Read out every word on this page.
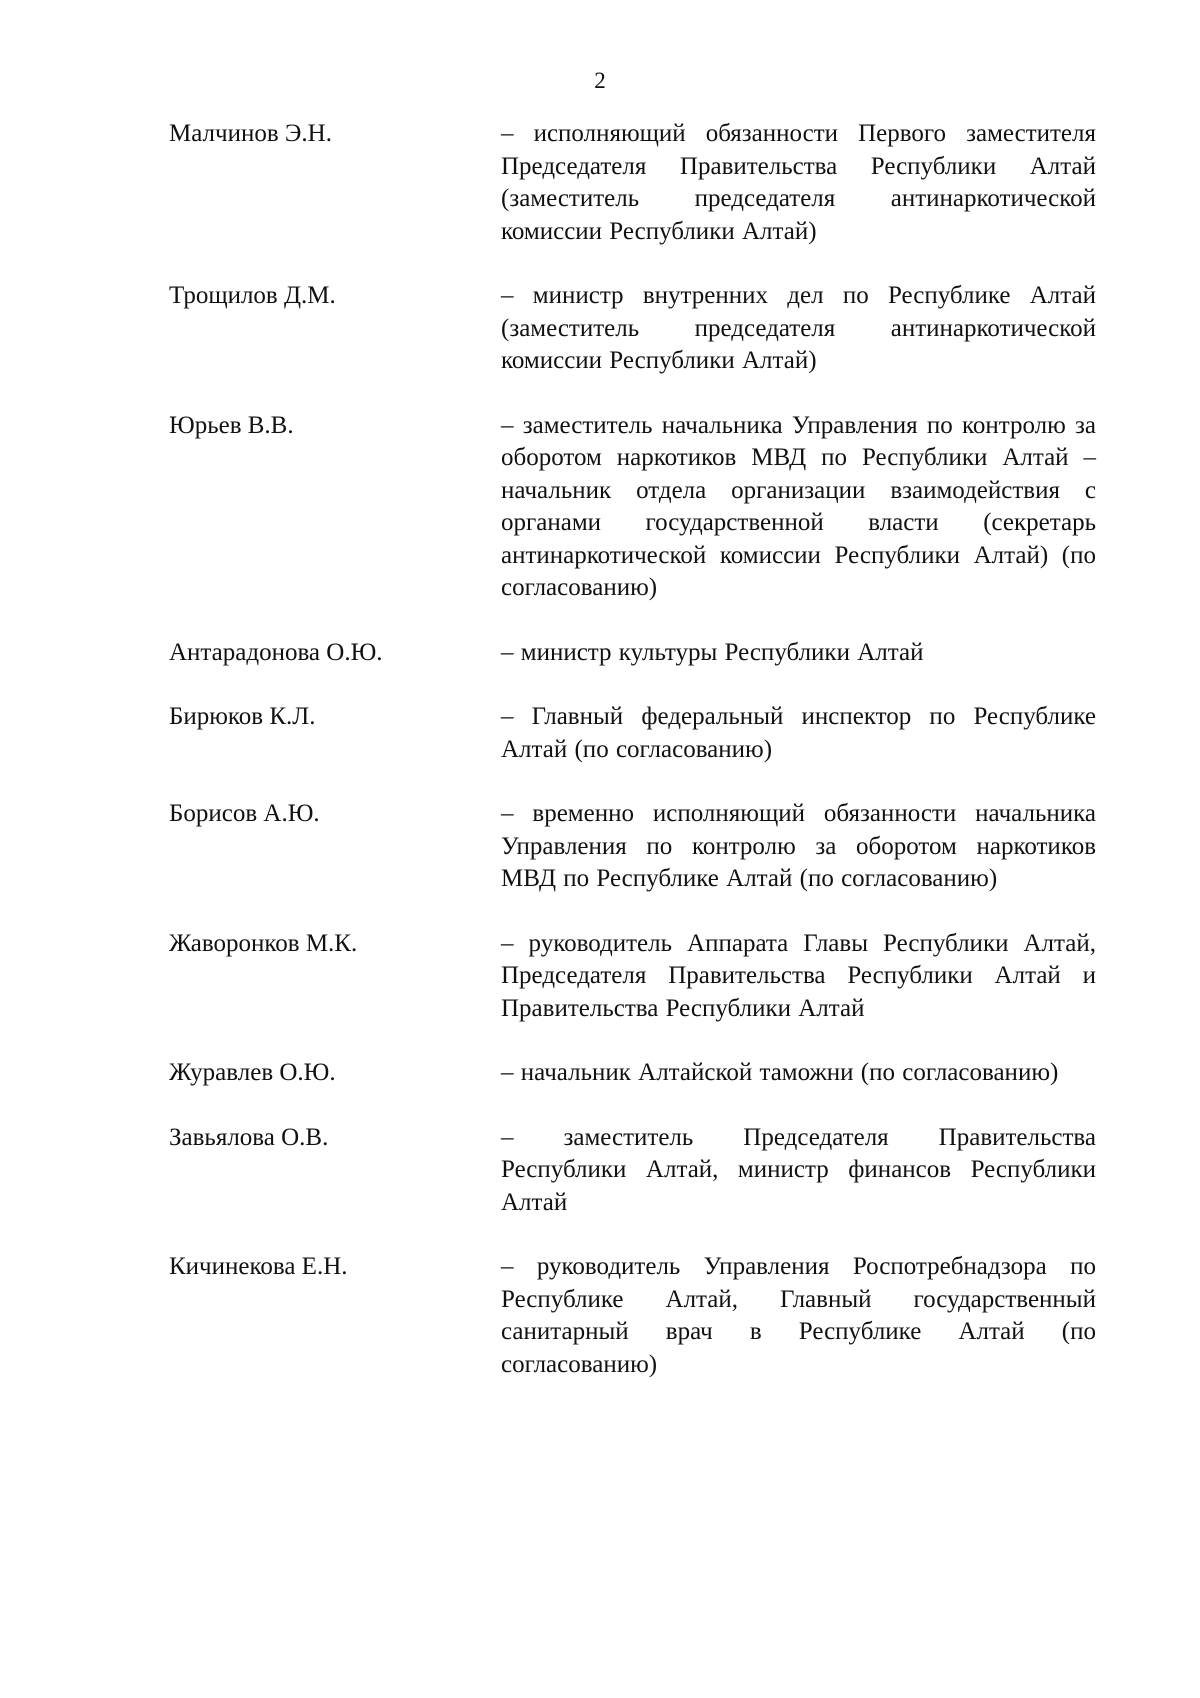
2
Малчинов Э.Н.	– исполняющий обязанности Первого заместителя Председателя Правительства Республики Алтай (заместитель председателя антинаркотической комиссии Республики Алтай)
Трощилов Д.М.	– министр внутренних дел по Республике Алтай (заместитель председателя антинаркотической комиссии Республики Алтай)
Юрьев В.В.	– заместитель начальника Управления по контролю за оборотом наркотиков МВД по Республики Алтай – начальник отдела организации взаимодействия с органами государственной власти (секретарь антинаркотической комиссии Республики Алтай) (по согласованию)
Антарадонова О.Ю.	– министр культуры Республики Алтай
Бирюков К.Л.	– Главный федеральный инспектор по Республике Алтай (по согласованию)
Борисов А.Ю.	– временно исполняющий обязанности начальника Управления по контролю за оборотом наркотиков МВД по Республике Алтай (по согласованию)
Жаворонков М.К.	– руководитель Аппарата Главы Республики Алтай, Председателя Правительства Республики Алтай и Правительства Республики Алтай
Журавлев О.Ю.	– начальник Алтайской таможни (по согласованию)
Завьялова О.В.	– заместитель Председателя Правительства Республики Алтай, министр финансов Республики Алтай
Кичинекова Е.Н.	– руководитель Управления Роспотребнадзора по Республике Алтай, Главный государственный санитарный врач в Республике Алтай (по согласованию)
